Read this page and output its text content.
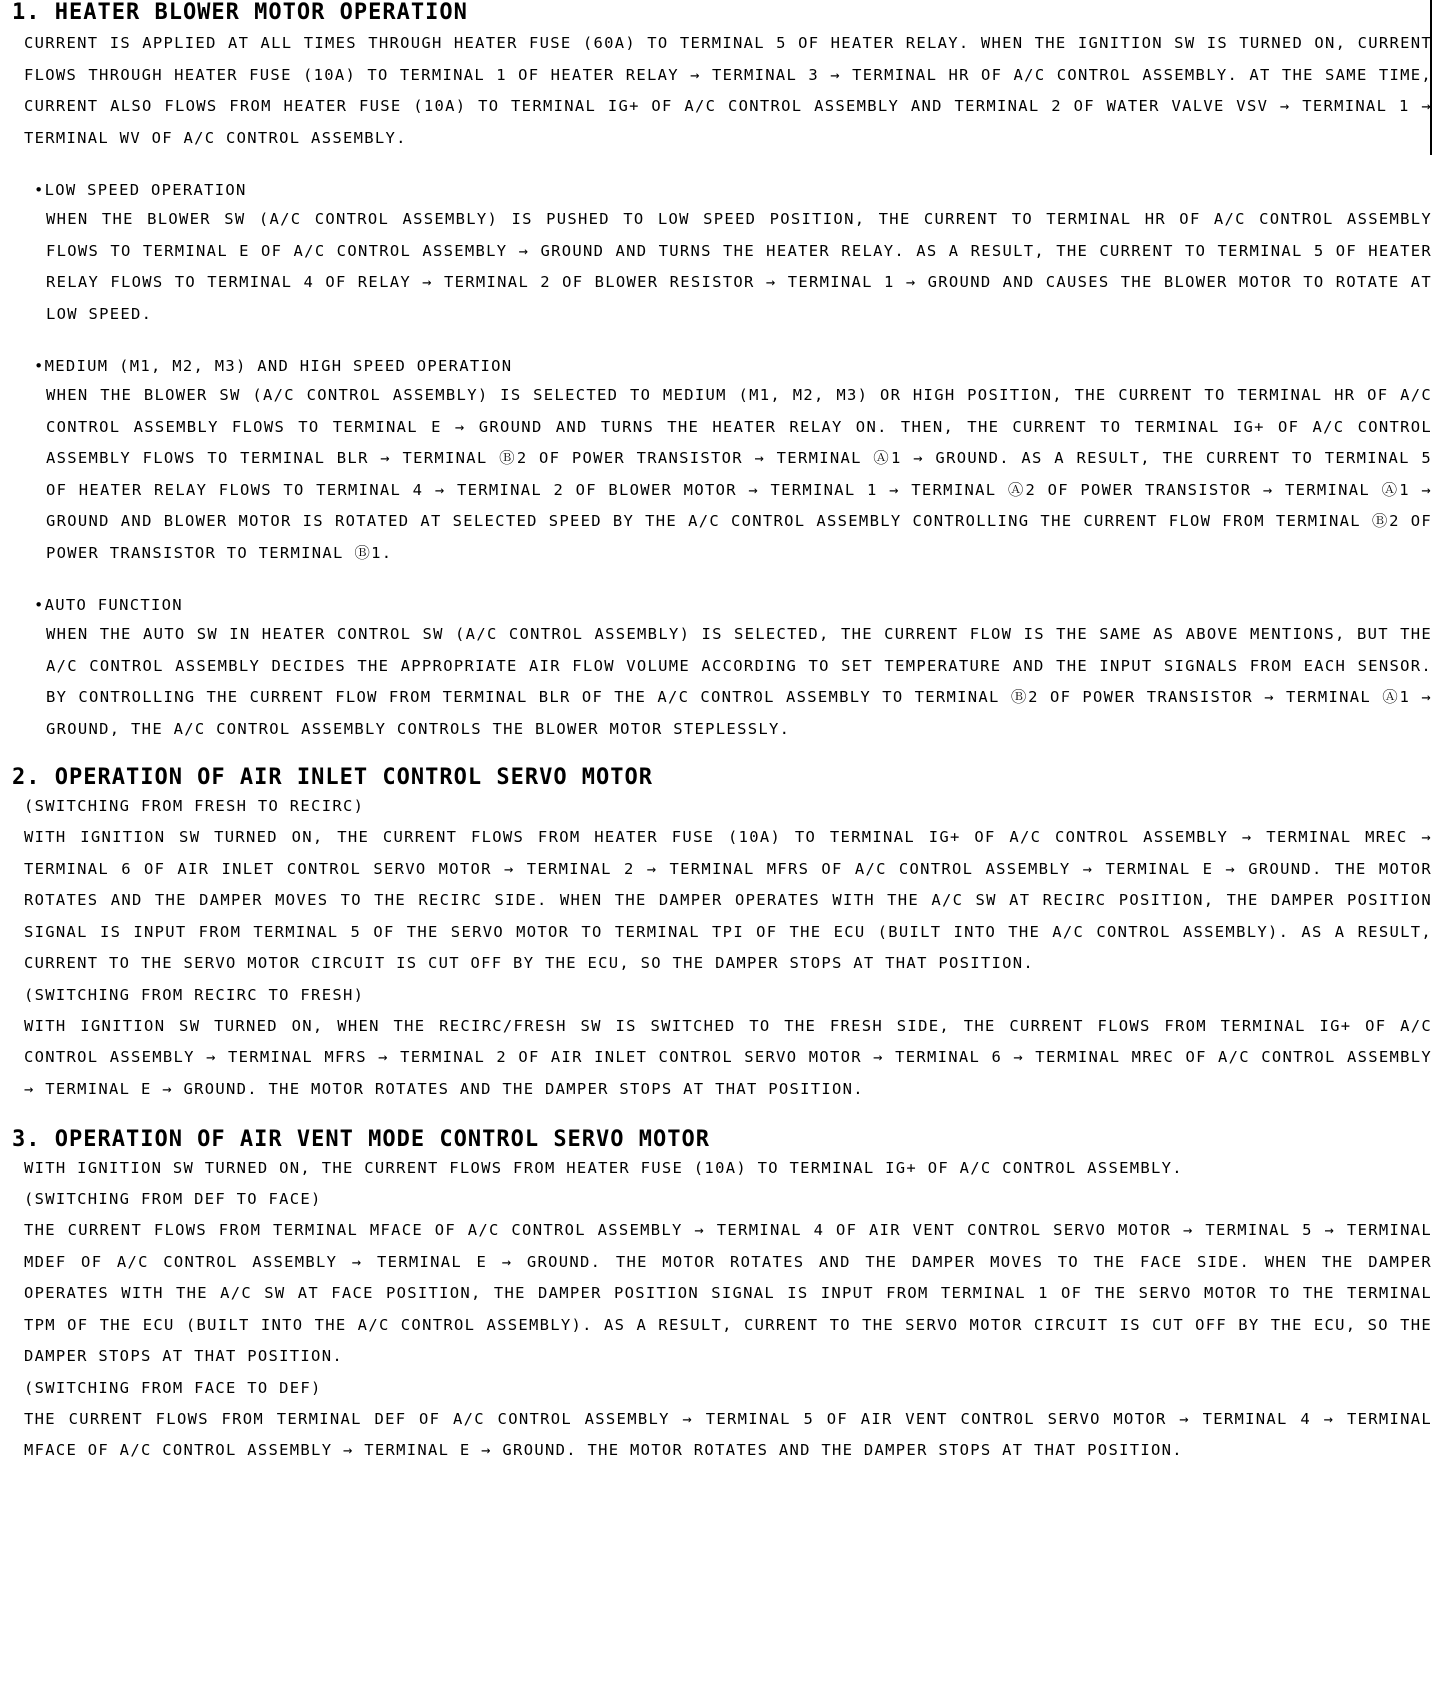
1. HEATER BLOWER MOTOR OPERATION

CURRENT IS APPLIED AT ALL TIMES THROUGH HEATER FUSE (60A) TO TERMINAL 5 OF HEATER RELAY. WHEN THE IGNITION SW IS TURNED ON, CURRENT FLOWS THROUGH HEATER FUSE (10A) TO TERMINAL 1 OF HEATER RELAY → TERMINAL 3 → TERMINAL HR OF A/C CONTROL ASSEMBLY. AT THE SAME TIME, CURRENT ALSO FLOWS FROM HEATER FUSE (10A) TO TERMINAL IG+ OF A/C CONTROL ASSEMBLY AND TERMINAL 2 OF WATER VALVE VSV → TERMINAL 1 → TERMINAL WV OF A/C CONTROL ASSEMBLY.

• LOW SPEED OPERATION

WHEN THE BLOWER SW (A/C CONTROL ASSEMBLY) IS PUSHED TO LOW SPEED POSITION, THE CURRENT TO TERMINAL HR OF A/C CONTROL ASSEMBLY FLOWS TO TERMINAL E OF A/C CONTROL ASSEMBLY → GROUND AND TURNS THE HEATER RELAY. AS A RESULT, THE CURRENT TO TERMINAL 5 OF HEATER RELAY FLOWS TO TERMINAL 4 OF RELAY → TERMINAL 2 OF BLOWER RESISTOR → TERMINAL 1 → GROUND AND CAUSES THE BLOWER MOTOR TO ROTATE AT LOW SPEED.

• MEDIUM (M1, M2, M3) AND HIGH SPEED OPERATION

WHEN THE BLOWER SW (A/C CONTROL ASSEMBLY) IS SELECTED TO MEDIUM (M1, M2, M3) OR HIGH POSITION, THE CURRENT TO TERMINAL HR OF A/C CONTROL ASSEMBLY FLOWS TO TERMINAL E → GROUND AND TURNS THE HEATER RELAY ON. THEN, THE CURRENT TO TERMINAL IG+ OF A/C CONTROL ASSEMBLY FLOWS TO TERMINAL BLR → TERMINAL Ⓑ2 OF POWER TRANSISTOR → TERMINAL Ⓐ1 → GROUND. AS A RESULT, THE CURRENT TO TERMINAL 5 OF HEATER RELAY FLOWS TO TERMINAL 4 → TERMINAL 2 OF BLOWER MOTOR → TERMINAL 1 → TERMINAL Ⓐ2 OF POWER TRANSISTOR → TERMINAL Ⓐ1 → GROUND AND BLOWER MOTOR IS ROTATED AT SELECTED SPEED BY THE A/C CONTROL ASSEMBLY CONTROLLING THE CURRENT FLOW FROM TERMINAL Ⓑ2 OF POWER TRANSISTOR TO TERMINAL Ⓑ1.

• AUTO FUNCTION

WHEN THE AUTO SW IN HEATER CONTROL SW (A/C CONTROL ASSEMBLY) IS SELECTED, THE CURRENT FLOW IS THE SAME AS ABOVE MENTIONS, BUT THE A/C CONTROL ASSEMBLY DECIDES THE APPROPRIATE AIR FLOW VOLUME ACCORDING TO SET TEMPERATURE AND THE INPUT SIGNALS FROM EACH SENSOR. BY CONTROLLING THE CURRENT FLOW FROM TERMINAL BLR OF THE A/C CONTROL ASSEMBLY TO TERMINAL Ⓑ2 OF POWER TRANSISTOR → TERMINAL Ⓐ1 → GROUND, THE A/C CONTROL ASSEMBLY CONTROLS THE BLOWER MOTOR STEPLESSLY.

2. OPERATION OF AIR INLET CONTROL SERVO MOTOR

(SWITCHING FROM FRESH TO RECIRC)

WITH IGNITION SW TURNED ON, THE CURRENT FLOWS FROM HEATER FUSE (10A) TO TERMINAL IG+ OF A/C CONTROL ASSEMBLY → TERMINAL MREC → TERMINAL 6 OF AIR INLET CONTROL SERVO MOTOR → TERMINAL 2 → TERMINAL MFRS OF A/C CONTROL ASSEMBLY → TERMINAL E → GROUND. THE MOTOR ROTATES AND THE DAMPER MOVES TO THE RECIRC SIDE. WHEN THE DAMPER OPERATES WITH THE A/C SW AT RECIRC POSITION, THE DAMPER POSITION SIGNAL IS INPUT FROM TERMINAL 5 OF THE SERVO MOTOR TO TERMINAL TPI OF THE ECU (BUILT INTO THE A/C CONTROL ASSEMBLY). AS A RESULT, CURRENT TO THE SERVO MOTOR CIRCUIT IS CUT OFF BY THE ECU, SO THE DAMPER STOPS AT THAT POSITION.

(SWITCHING FROM RECIRC TO FRESH)

WITH IGNITION SW TURNED ON, WHEN THE RECIRC/FRESH SW IS SWITCHED TO THE FRESH SIDE, THE CURRENT FLOWS FROM TERMINAL IG+ OF A/C CONTROL ASSEMBLY → TERMINAL MFRS → TERMINAL 2 OF AIR INLET CONTROL SERVO MOTOR → TERMINAL 6 → TERMINAL MREC OF A/C CONTROL ASSEMBLY → TERMINAL E → GROUND. THE MOTOR ROTATES AND THE DAMPER STOPS AT THAT POSITION.

3. OPERATION OF AIR VENT MODE CONTROL SERVO MOTOR

WITH IGNITION SW TURNED ON, THE CURRENT FLOWS FROM HEATER FUSE (10A) TO TERMINAL IG+ OF A/C CONTROL ASSEMBLY.

(SWITCHING FROM DEF TO FACE)

THE CURRENT FLOWS FROM TERMINAL MFACE OF A/C CONTROL ASSEMBLY → TERMINAL 4 OF AIR VENT CONTROL SERVO MOTOR → TERMINAL 5 → TERMINAL MDEF OF A/C CONTROL ASSEMBLY → TERMINAL E → GROUND. THE MOTOR ROTATES AND THE DAMPER MOVES TO THE FACE SIDE. WHEN THE DAMPER OPERATES WITH THE A/C SW AT FACE POSITION, THE DAMPER POSITION SIGNAL IS INPUT FROM TERMINAL 1 OF THE SERVO MOTOR TO THE TERMINAL TPM OF THE ECU (BUILT INTO THE A/C CONTROL ASSEMBLY). AS A RESULT, CURRENT TO THE SERVO MOTOR CIRCUIT IS CUT OFF BY THE ECU, SO THE DAMPER STOPS AT THAT POSITION.

(SWITCHING FROM FACE TO DEF)

THE CURRENT FLOWS FROM TERMINAL DEF OF A/C CONTROL ASSEMBLY → TERMINAL 5 OF AIR VENT CONTROL SERVO MOTOR → TERMINAL 4 → TERMINAL MFACE OF A/C CONTROL ASSEMBLY → TERMINAL E → GROUND. THE MOTOR ROTATES AND THE DAMPER STOPS AT THAT POSITION.
